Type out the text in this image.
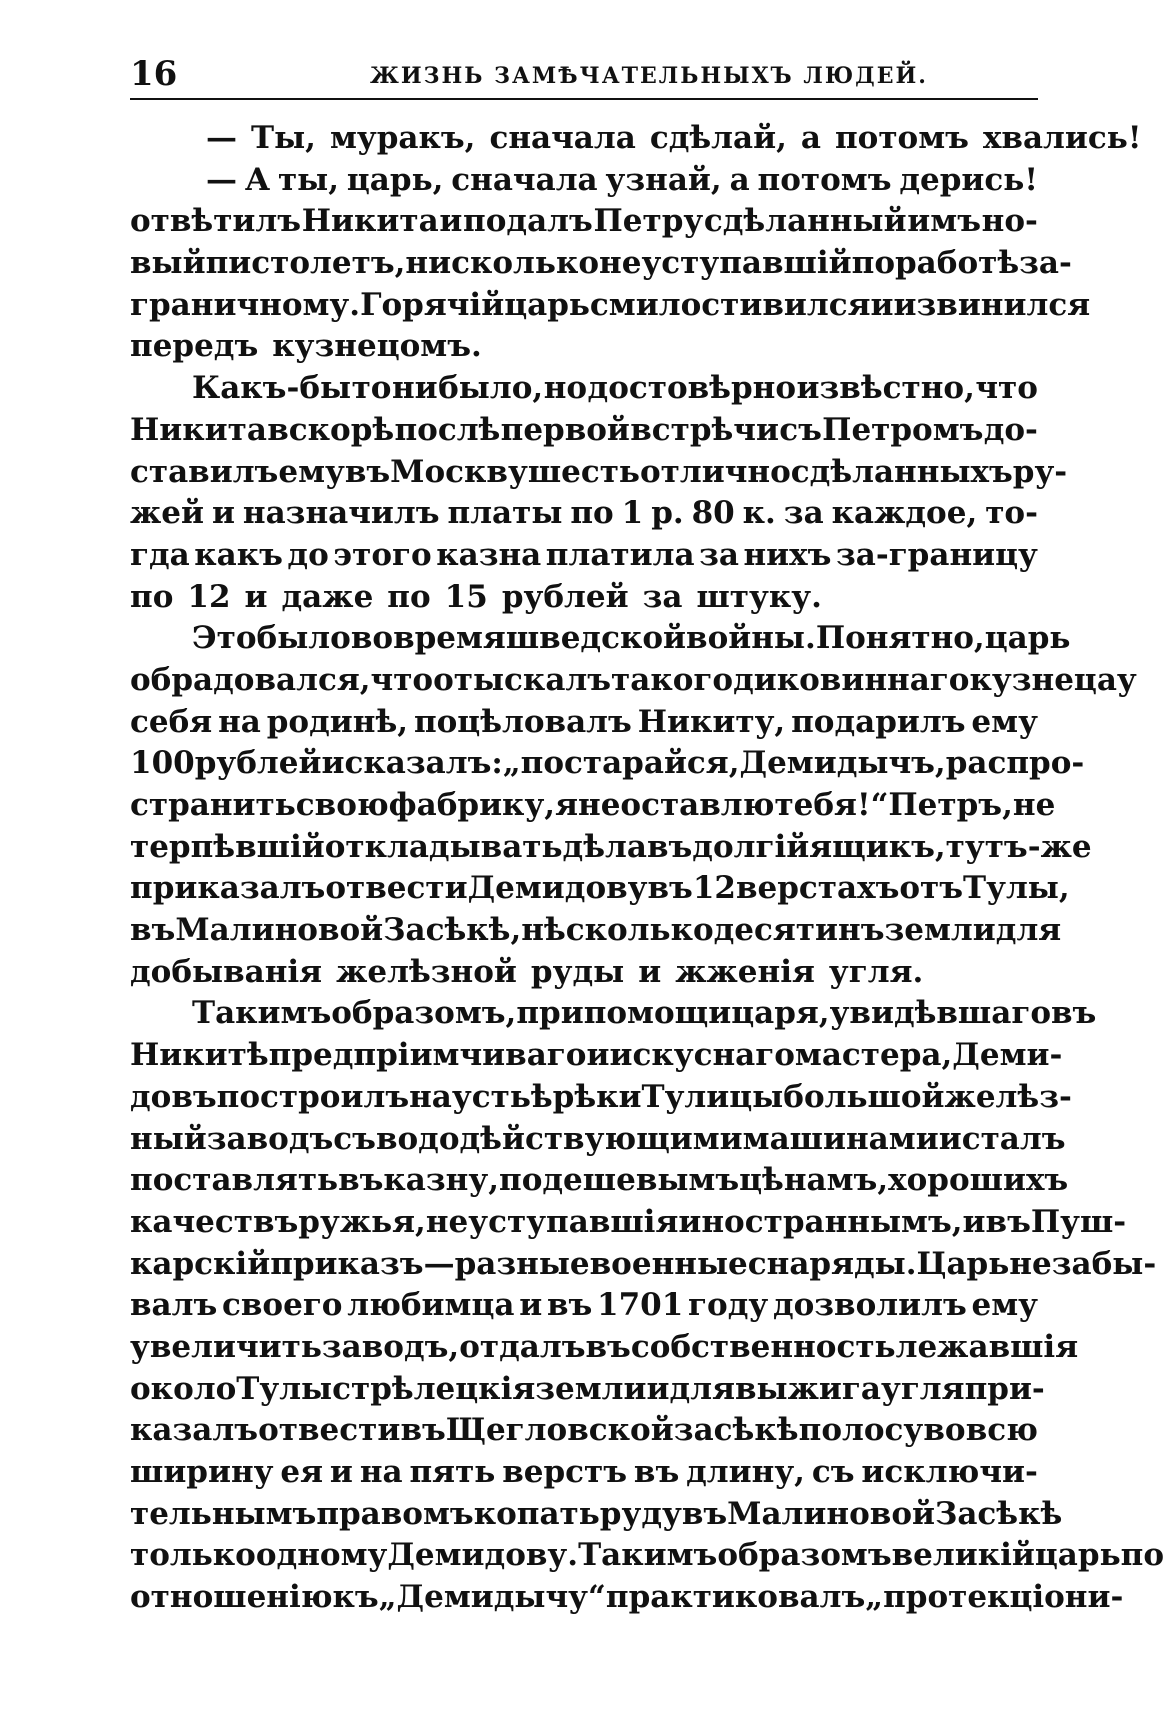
16	ЖИЗНЬ ЗАМѢЧАТЕЛЬНЫХЪ ЛЮДЕЙ.
— Ты, муракъ, сначала сдѣлай, а потомъ хвались!
— А ты, царь, сначала узнай, а потомъ дерись!
отвѣтилъ Никита и подалъ Петру сдѣланный имъ но-
вый пистолетъ, нисколько не уступавшій по работѣ за-
граничному. Горячій царь смилостивился и извинился
передъ кузнецомъ.
Какъ-бы то ни было, но достовѣрно извѣстно, что
Никита вскорѣ послѣ первой встрѣчи съ Петромъ до-
ставилъ ему въ Москву шесть отлично сдѣланныхъ ру-
жей и назначилъ платы по 1 р. 80 к. за каждое, то-
гда какъ до этого казна платила за нихъ за-границу
по 12 и даже по 15 рублей за штуку.
Это было во время шведской войны. Понятно, царь
обрадовался, что отыскалъ такого диковиннаго кузнеца у
себя на родинѣ, поцѣловалъ Никиту, подарилъ ему
100 рублей и сказалъ: „постарайся, Демидычъ, распро-
странить свою фабрику, я не оставлю тебя!“ Петръ, не
терпѣвшій откладывать дѣла въ долгій ящикъ, тутъ-же
приказалъ отвести Демидову въ 12 верстахъ отъ Тулы,
въ Малиновой Засѣкѣ, нѣсколько десятинъ земли для
добыванія желѣзной руды и жженія угля.
Такимъ образомъ, при помощи царя, увидѣвшаго въ
Никитѣ предпріимчиваго и искуснаго мастера, Деми-
довъ построилъ на устьѣ рѣки Тулицы большой желѣз-
ный заводъ съ вододѣйствующими машинами и сталъ
поставлять въ казну, по дешевымъ цѣнамъ, хорошихъ
качествъ ружья, не уступавшія иностраннымъ, и въ Пуш-
карскій приказъ—разные военные снаряды. Царь не забы-
валъ своего любимца и въ 1701 году дозволилъ ему
увеличить заводъ, отдалъ въ собственность лежавшія
около Тулы стрѣлецкія земли и для выжига угля при-
казалъ отвести въ Щегловской засѣкѣ полосу во всю
ширину ея и на пять верстъ въ длину, съ исключи-
тельнымъ правомъ копать руду въ Малиновой Засѣкѣ
только одному Демидову. Такимъ образомъ великій царь по
отношенію къ „Демидычу“ практиковалъ „протекціони-
